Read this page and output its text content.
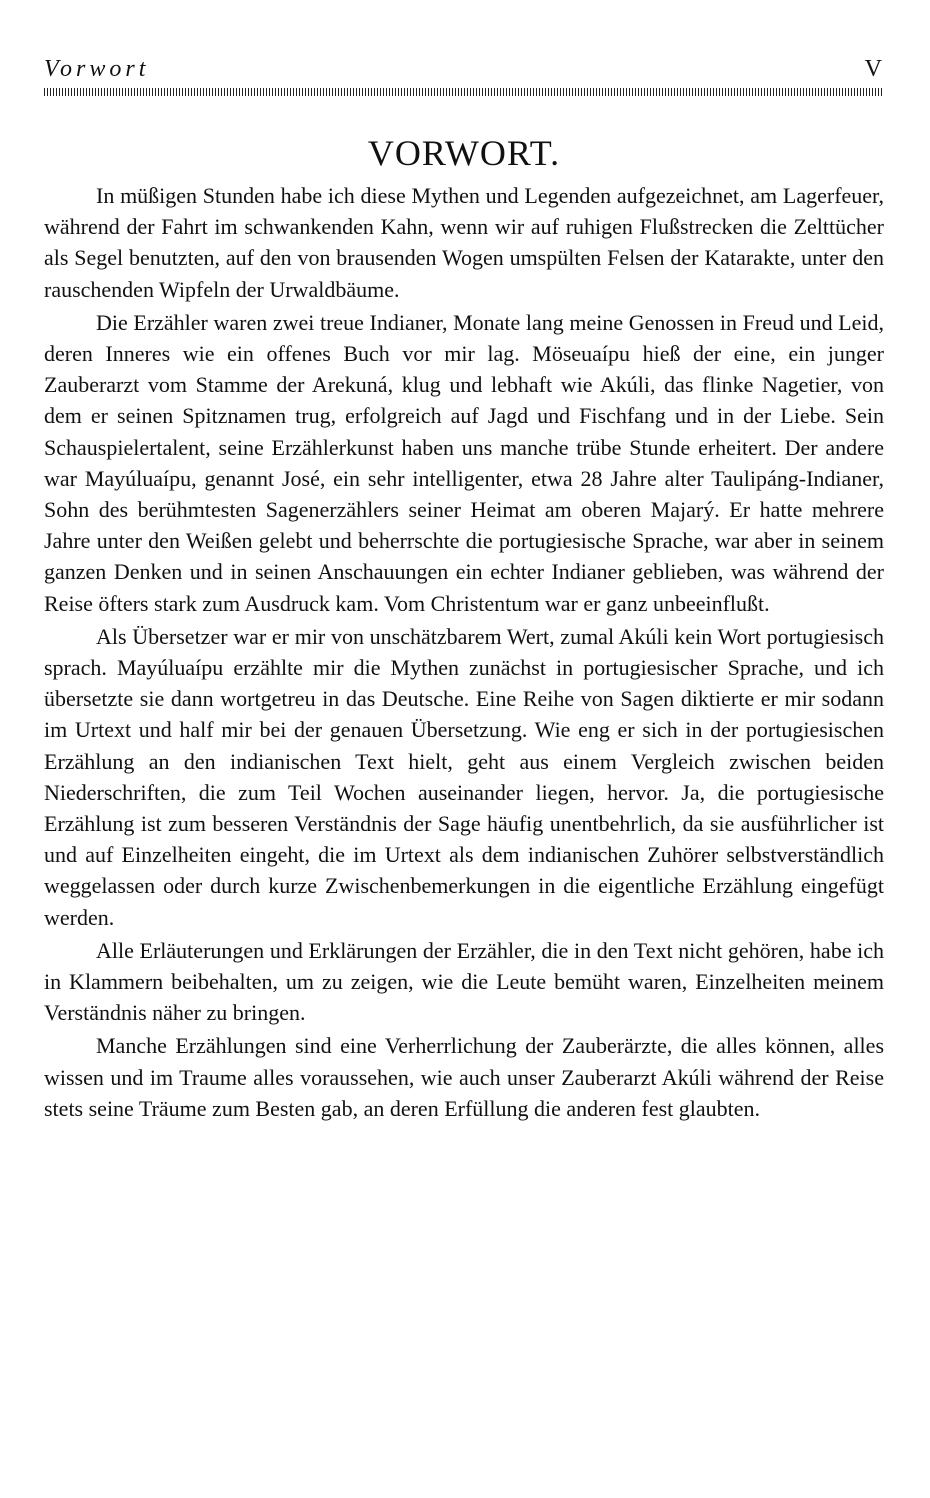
Vorwort	V
VORWORT.

In müßigen Stunden habe ich diese Mythen und Legenden aufgezeichnet, am Lagerfeuer, während der Fahrt im schwankenden Kahn, wenn wir auf ruhigen Flußstrecken die Zelttücher als Segel benutzten, auf den von brausenden Wogen umspülten Felsen der Katarakte, unter den rauschenden Wipfeln der Urwaldbäume.

Die Erzähler waren zwei treue Indianer, Monate lang meine Genossen in Freud und Leid, deren Inneres wie ein offenes Buch vor mir lag. Möseuaípu hieß der eine, ein junger Zauberarzt vom Stamme der Arekuná, klug und lebhaft wie Akúli, das flinke Nagetier, von dem er seinen Spitznamen trug, erfolgreich auf Jagd und Fischfang und in der Liebe. Sein Schauspielertalent, seine Erzählerkunst haben uns manche trübe Stunde erheitert. Der andere war Mayúluaípu, genannt José, ein sehr intelligenter, etwa 28 Jahre alter Taulipáng-Indianer, Sohn des berühmtesten Sagenerzählers seiner Heimat am oberen Majarý. Er hatte mehrere Jahre unter den Weißen gelebt und beherrschte die portugiesische Sprache, war aber in seinem ganzen Denken und in seinen Anschauungen ein echter Indianer geblieben, was während der Reise öfters stark zum Ausdruck kam. Vom Christentum war er ganz unbeeinflußt.

Als Übersetzer war er mir von unschätzbarem Wert, zumal Akúli kein Wort portugiesisch sprach. Mayúluaípu erzählte mir die Mythen zunächst in portugiesischer Sprache, und ich übersetzte sie dann wortgetreu in das Deutsche. Eine Reihe von Sagen diktierte er mir sodann im Urtext und half mir bei der genauen Übersetzung. Wie eng er sich in der portugiesischen Erzählung an den indianischen Text hielt, geht aus einem Vergleich zwischen beiden Niederschriften, die zum Teil Wochen auseinander liegen, hervor. Ja, die portugiesische Erzählung ist zum besseren Verständnis der Sage häufig unentbehrlich, da sie ausführlicher ist und auf Einzelheiten eingeht, die im Urtext als dem indianischen Zuhörer selbstverständlich weggelassen oder durch kurze Zwischenbemerkungen in die eigentliche Erzählung eingefügt werden.

Alle Erläuterungen und Erklärungen der Erzähler, die in den Text nicht gehören, habe ich in Klammern beibehalten, um zu zeigen, wie die Leute bemüht waren, Einzelheiten meinem Verständnis näher zu bringen.

Manche Erzählungen sind eine Verherrlichung der Zauberärzte, die alles können, alles wissen und im Traume alles voraussehen, wie auch unser Zauberarzt Akúli während der Reise stets seine Träume zum Besten gab, an deren Erfüllung die anderen fest glaubten.
